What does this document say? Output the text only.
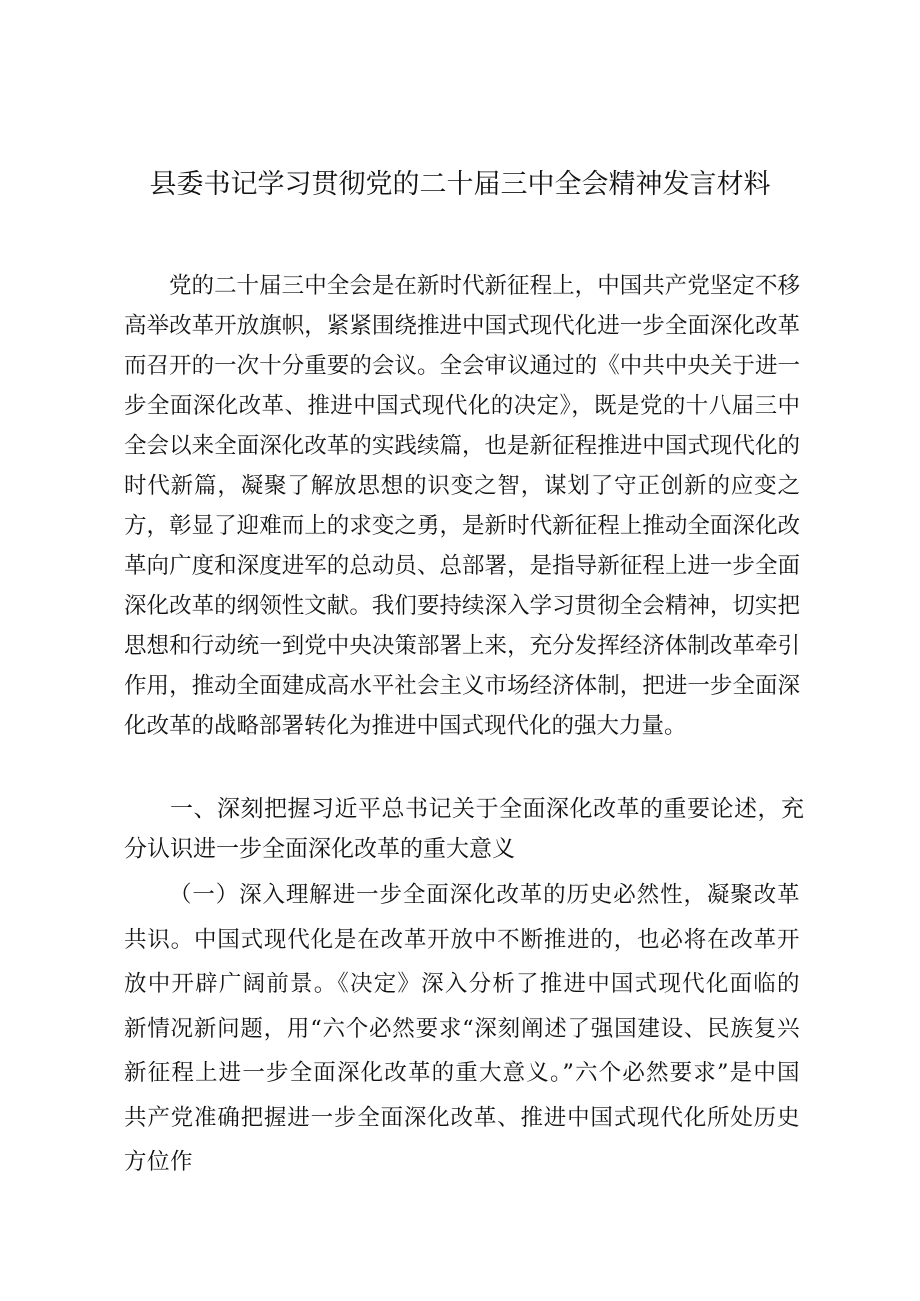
县委书记学习贯彻党的二十届三中全会精神发言材料

党的二十届三中全会是在新时代新征程上，中国共产党坚定不移高举改革开放旗帜，紧紧围绕推进中国式现代化进一步全面深化改革而召开的一次十分重要的会议。全会审议通过的《中共中央关于进一步全面深化改革、推进中国式现代化的决定》，既是党的十八届三中全会以来全面深化改革的实践续篇，也是新征程推进中国式现代化的时代新篇，凝聚了解放思想的识变之智，谋划了守正创新的应变之方，彰显了迎难而上的求变之勇，是新时代新征程上推动全面深化改革向广度和深度进军的总动员、总部署，是指导新征程上进一步全面深化改革的纲领性文献。我们要持续深入学习贯彻全会精神，切实把思想和行动统一到党中央决策部署上来，充分发挥经济体制改革牵引作用，推动全面建成高水平社会主义市场经济体制，把进一步全面深化改革的战略部署转化为推进中国式现代化的强大力量。

一、深刻把握习近平总书记关于全面深化改革的重要论述，充分认识进一步全面深化改革的重大意义

（一）深入理解进一步全面深化改革的历史必然性，凝聚改革共识。中国式现代化是在改革开放中不断推进的，也必将在改革开放中开辟广阔前景。《决定》深入分析了推进中国式现代化面临的新情况新问题，用“六个必然要求“深刻阐述了强国建设、民族复兴新征程上进一步全面深化改革的重大意义。”六个必然要求”是中国共产党准确把握进一步全面深化改革、推进中国式现代化所处历史方位作
